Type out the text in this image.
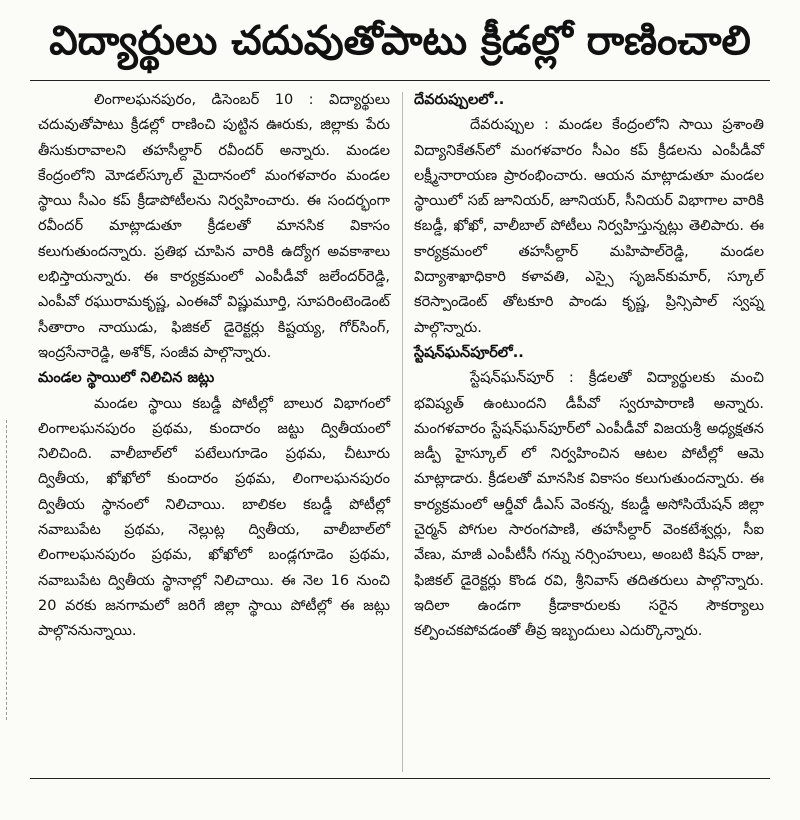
విద్యార్థులు చదువుతోపాటు క్రీడల్లో రాణించాలి

లింగాలఘనపురం, డిసెంబర్ 10 : విద్యార్థులు చదువుతోపాటు క్రీడల్లో రాణించి పుట్టిన ఊరుకు, జిల్లాకు పేరు తీసుకురావాలని తహసీల్దార్ రవీందర్ అన్నారు. మండల కేంద్రంలోని మోడల్‌స్కూల్ మైదానంలో మంగళవారం మండల స్థాయి సీఎం కప్ క్రీడాపోటీలను నిర్వహించారు. ఈ సందర్భంగా రవీందర్ మాట్లాడుతూ క్రీడలతో మానసిక వికాసం కలుగుతుందన్నారు. ప్రతిభ చూపిన వారికి ఉద్యోగ అవకాశాలు లభిస్తాయన్నారు. ఈ కార్యక్రమంలో ఎంపీడీవో జలేందర్‌రెడ్డి, ఎంపీవో రఘురామకృష్ణ, ఎంఈవో విష్ణుమూర్తి, సూపరింటెండెంట్ సీతారాం నాయుడు, ఫిజికల్ డైరెక్టర్లు కిష్టయ్య, గోర్‌సింగ్, ఇంద్రసేనారెడ్డి, అశోక్, సంజీవ పాల్గొన్నారు.

మండల స్థాయిలో నిలిచిన జట్లు

మండల స్థాయి కబడ్డీ పోటీల్లో బాలుర విభాగంలో లింగాలఘనపురం ప్రథమ, కుందారం జట్టు ద్వితీయంలో నిలిచింది. వాలీబాల్‌లో పటేలుగూడెం ప్రథమ, చీటూరు ద్వితీయ, ఖోఖోలో కుందారం ప్రథమ, లింగాలఘనపురం ద్వితీయ స్థానంలో నిలిచాయి. బాలికల కబడ్డీ పోటీల్లో నవాబుపేట ప్రథమ, నెల్లుట్ల ద్వితీయ, వాలీబాల్‌లో లింగాలఘనపురం ప్రథమ, ఖోఖోలో బండ్లగూడెం ప్రథమ, నవాబుపేట ద్వితీయ స్థానాల్లో నిలిచాయి. ఈ నెల 16 నుంచి 20 వరకు జనగామలో జరిగే జిల్లా స్థాయి పోటీల్లో ఈ జట్లు పాల్గొననున్నాయి.

దేవరుప్పులలో..

దేవరుప్పుల : మండల కేంద్రంలోని సాయి ప్రశాంతి విద్యానికేతన్‌లో మంగళవారం సీఎం కప్ క్రీడలను ఎంపీడీవో లక్ష్మీనారాయణ ప్రారంభించారు. ఆయన మాట్లాడుతూ మండల స్థాయిలో సబ్ జూనియర్, జూనియర్, సీనియర్ విభాగాల వారికి కబడ్డీ, ఖోఖో, వాలీబాల్ పోటీలు నిర్వహిస్తున్నట్లు తెలిపారు. ఈ కార్యక్రమంలో తహసీల్దార్ మహిపాల్‌రెడ్డి, మండల విద్యాశాఖాధికారి కళావతి, ఎస్సై సృజన్‌కుమార్, స్కూల్ కరెస్పాండెంట్ తోటకూరి పాండు కృష్ణ, ప్రిన్సిపాల్ స్వప్న పాల్గొన్నారు.

స్టేషన్‌ఘన్‌పూర్‌లో..

స్టేషన్‌ఘన్‌పూర్ : క్రీడలతో విద్యార్థులకు మంచి భవిష్యత్ ఉంటుందని డీపీవో స్వరూపారాణి అన్నారు. మంగళవారం స్టేషన్‌ఘన్‌పూర్‌లో ఎంపీడీవో విజయశ్రీ అధ్యక్షతన జడ్పీ హైస్కూల్ లో నిర్వహించిన ఆటల పోటీల్లో ఆమె మాట్లాడారు. క్రీడలతో మానసిక వికాసం కలుగుతుందన్నారు. ఈ కార్యక్రమంలో ఆర్డీవో డీఎస్ వెంకన్న, కబడ్డీ అసోసియేషన్ జిల్లా చైర్మన్ పోగుల సారంగపాణి, తహసీల్దార్ వెంకటేశ్వర్లు, సీఐ వేణు, మాజీ ఎంపీటీసీ గన్ను నర్సింహులు, అంబటి కిషన్ రాజు, ఫిజికల్ డైరెక్టర్లు కొండ రవి, శ్రీనివాస్ తదితరులు పాల్గొన్నారు. ఇదిలా ఉండగా క్రీడాకారులకు సరైన సౌకర్యాలు కల్పించకపోవడంతో తీవ్ర ఇబ్బందులు ఎదుర్కొన్నారు.
